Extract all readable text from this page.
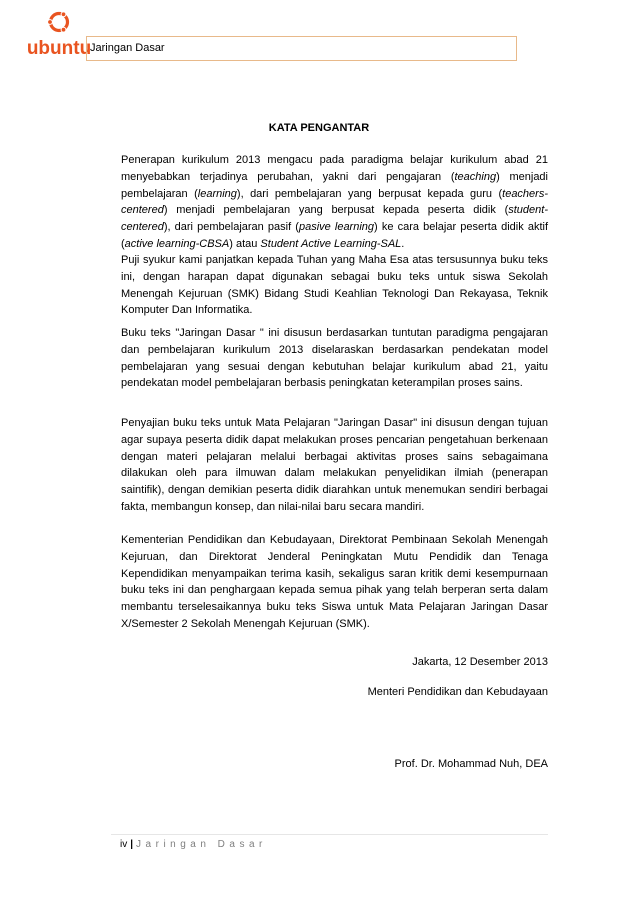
ubuntu
Jaringan Dasar
KATA PENGANTAR

Penerapan kurikulum 2013 mengacu pada paradigma belajar kurikulum abad 21 menyebabkan terjadinya perubahan, yakni dari pengajaran (teaching) menjadi pembelajaran (learning), dari pembelajaran yang berpusat kepada guru (teachers-centered) menjadi pembelajaran yang berpusat kepada peserta didik (student-centered), dari pembelajaran pasif (pasive learning) ke cara belajar peserta didik aktif (active learning-CBSA) atau Student Active Learning-SAL.

Puji syukur kami panjatkan kepada Tuhan yang Maha Esa atas tersusunnya buku teks ini, dengan harapan dapat digunakan sebagai buku teks untuk siswa Sekolah Menengah Kejuruan (SMK) Bidang Studi Keahlian Teknologi Dan Rekayasa, Teknik Komputer Dan Informatika.

Buku teks "Jaringan Dasar " ini disusun berdasarkan tuntutan paradigma pengajaran dan pembelajaran kurikulum 2013 diselaraskan berdasarkan pendekatan model pembelajaran yang sesuai dengan kebutuhan belajar kurikulum abad 21, yaitu pendekatan model pembelajaran berbasis peningkatan keterampilan proses sains.

Penyajian buku teks untuk Mata Pelajaran "Jaringan Dasar" ini disusun dengan tujuan agar supaya peserta didik dapat melakukan proses pencarian pengetahuan berkenaan dengan materi pelajaran melalui berbagai aktivitas proses sains sebagaimana dilakukan oleh para ilmuwan dalam melakukan penyelidikan ilmiah (penerapan saintifik), dengan demikian peserta didik diarahkan untuk menemukan sendiri berbagai fakta, membangun konsep, dan nilai-nilai baru secara mandiri.

Kementerian Pendidikan dan Kebudayaan, Direktorat Pembinaan Sekolah Menengah Kejuruan, dan Direktorat Jenderal Peningkatan Mutu Pendidik dan Tenaga Kependidikan menyampaikan terima kasih, sekaligus saran kritik demi kesempurnaan buku teks ini dan penghargaan kepada semua pihak yang telah berperan serta dalam membantu terselesaikannya buku teks Siswa untuk Mata Pelajaran Jaringan Dasar X/Semester 2 Sekolah Menengah Kejuruan (SMK).

Jakarta, 12 Desember 2013
Menteri Pendidikan dan Kebudayaan
Prof. Dr. Mohammad Nuh, DEA
iv | Jaringan Dasar
